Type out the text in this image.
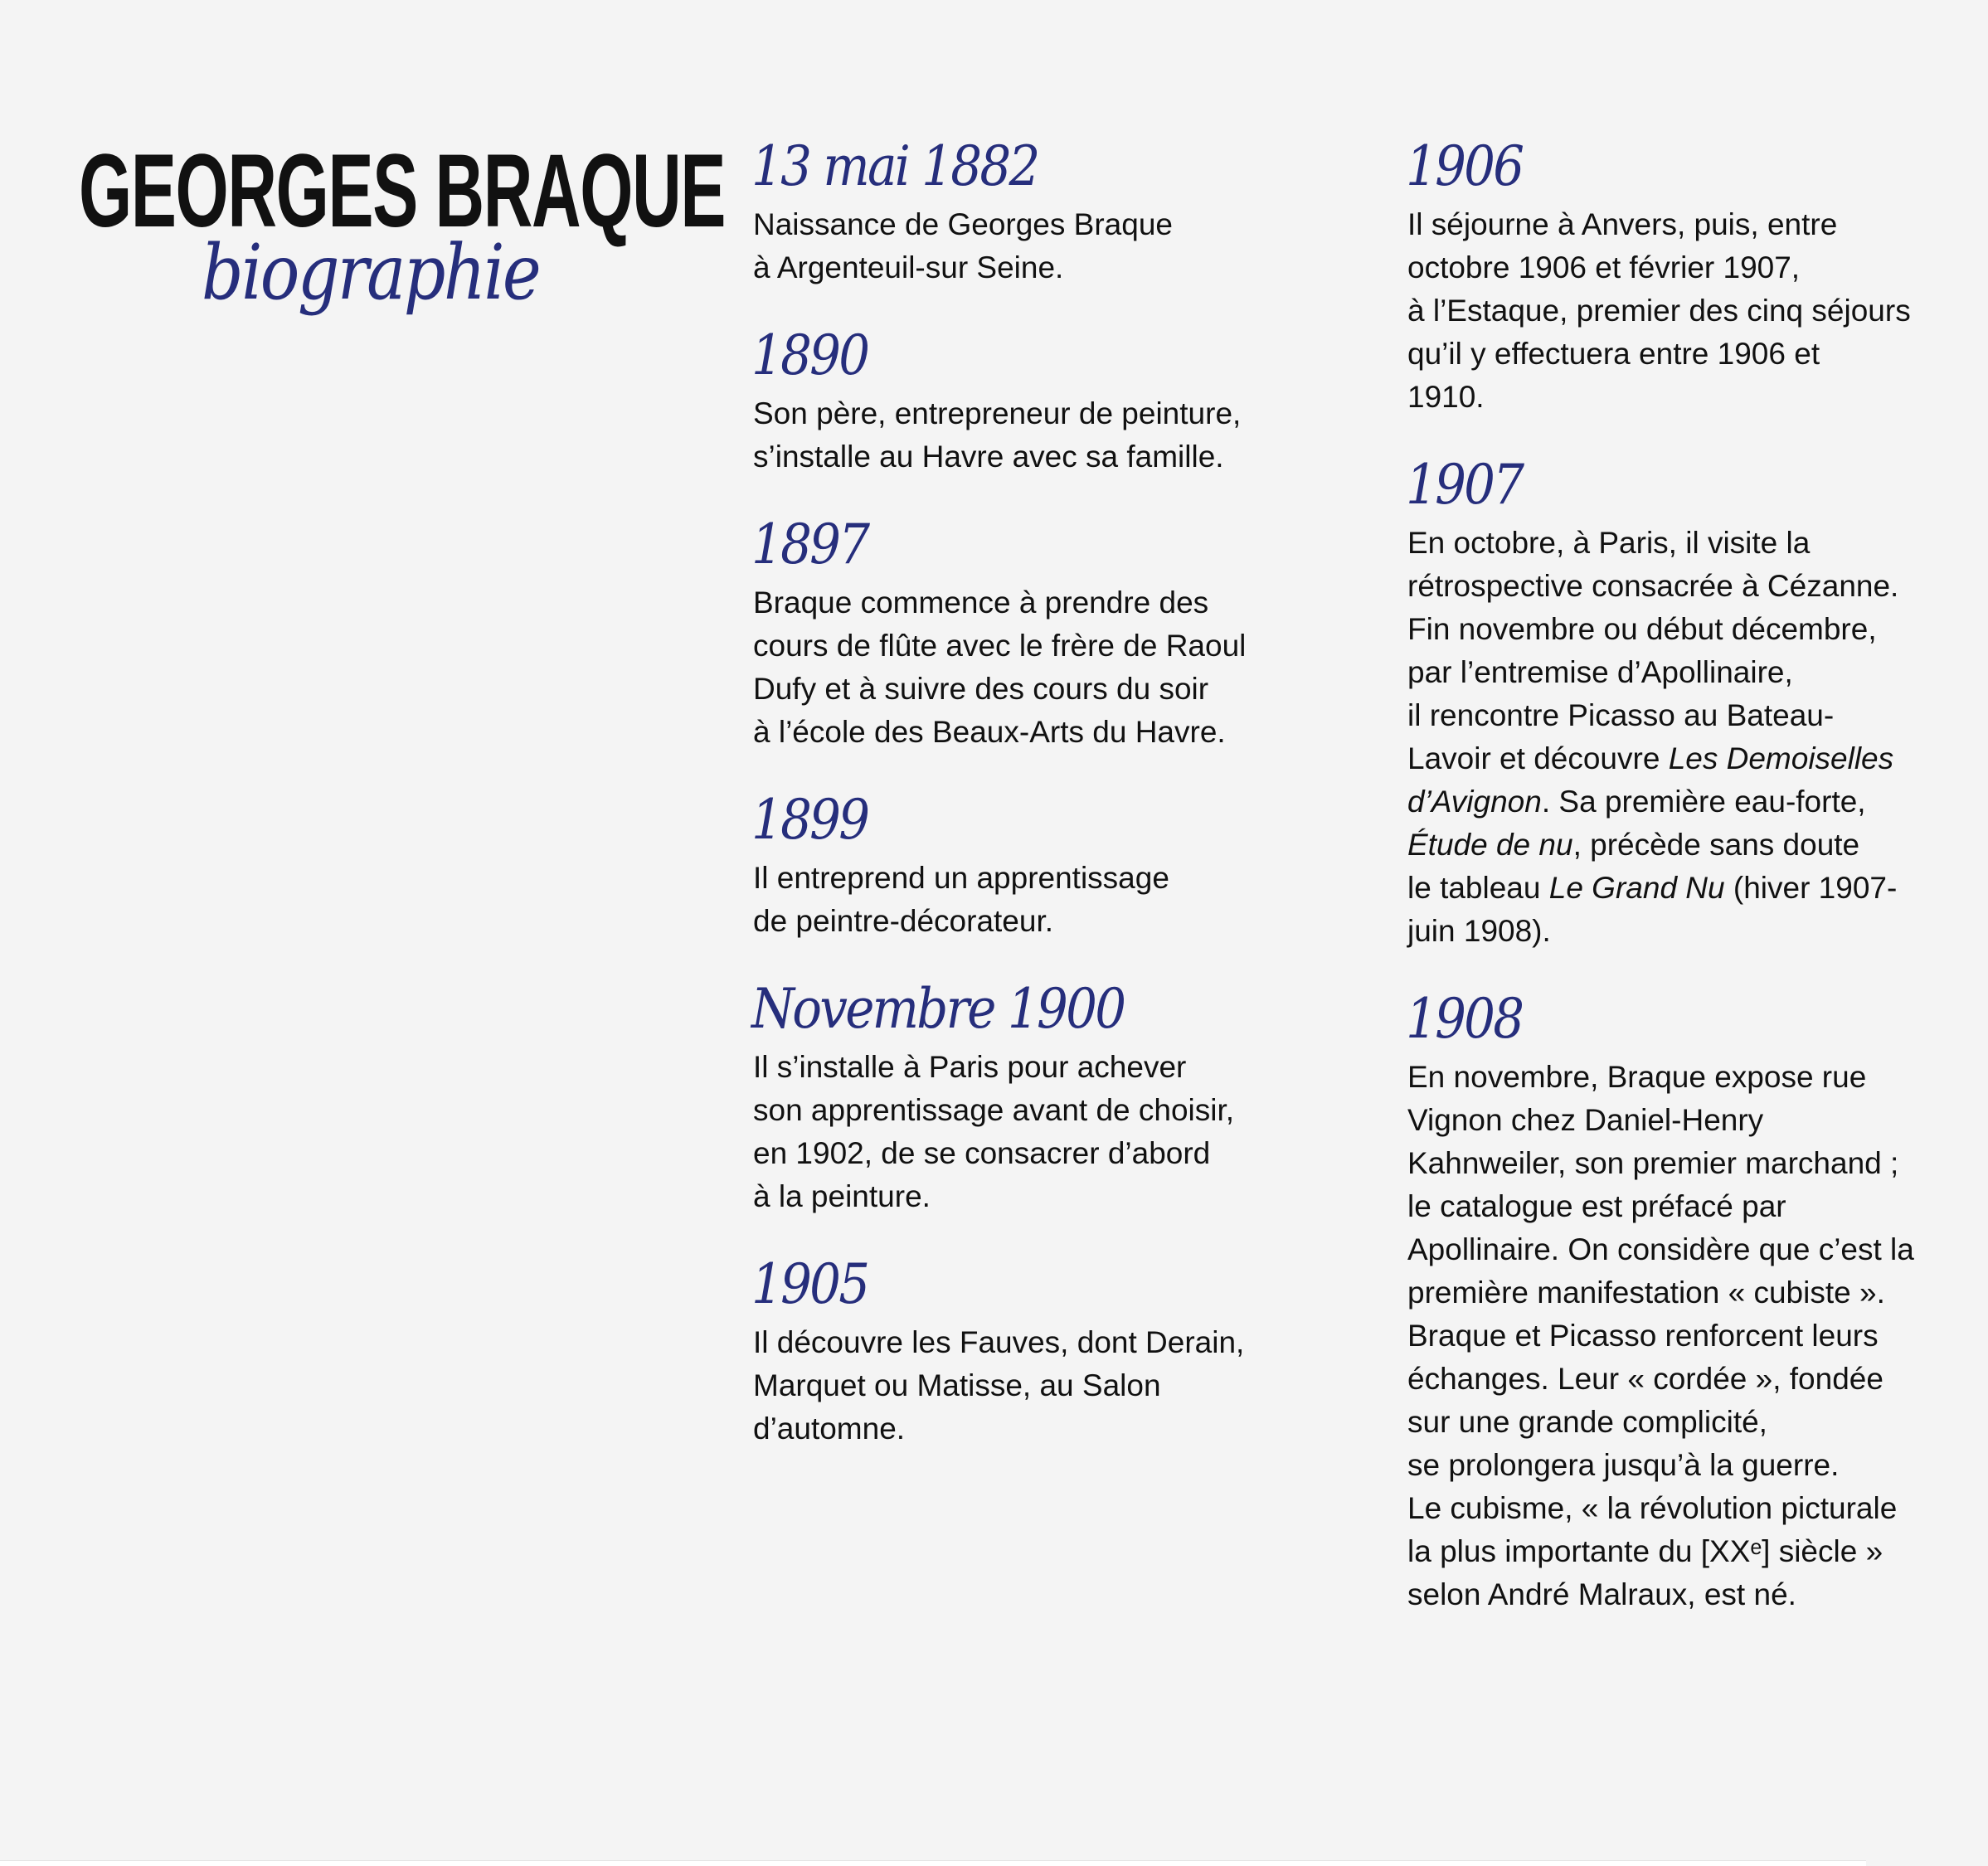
GEORGES BRAQUE
biographie
13 mai 1882

Naissance de Georges Braque
à Argenteuil-sur Seine.

1890

Son père, entrepreneur de peinture,
s’installe au Havre avec sa famille.

1897

Braque commence à prendre des
cours de flûte avec le frère de Raoul
Dufy et à suivre des cours du soir
à l’école des Beaux-Arts du Havre.

1899

Il entreprend un apprentissage
de peintre-décorateur.

Novembre 1900

Il s’installe à Paris pour achever
son apprentissage avant de choisir,
en 1902, de se consacrer d’abord
à la peinture.

1905

Il découvre les Fauves, dont Derain,
Marquet ou Matisse, au Salon
d’automne.

1906

Il séjourne à Anvers, puis, entre
octobre 1906 et février 1907,
à l’Estaque, premier des cinq séjours
qu’il y effectuera entre 1906 et
1910.

1907

En octobre, à Paris, il visite la
rétrospective consacrée à Cézanne.
Fin novembre ou début décembre,
par l’entremise d’Apollinaire,
il rencontre Picasso au Bateau-
Lavoir et découvre Les Demoiselles
d’Avignon. Sa première eau-forte,
Étude de nu, précède sans doute
le tableau Le Grand Nu (hiver 1907-
juin 1908).

1908

En novembre, Braque expose rue
Vignon chez Daniel-Henry
Kahnweiler, son premier marchand ;
le catalogue est préfacé par
Apollinaire. On considère que c’est la
première manifestation « cubiste ».
Braque et Picasso renforcent leurs
échanges. Leur « cordée », fondée
sur une grande complicité,
se prolongera jusqu’à la guerre.
Le cubisme, « la révolution picturale
la plus importante du [XXᵉ] siècle »
selon André Malraux, est né.
